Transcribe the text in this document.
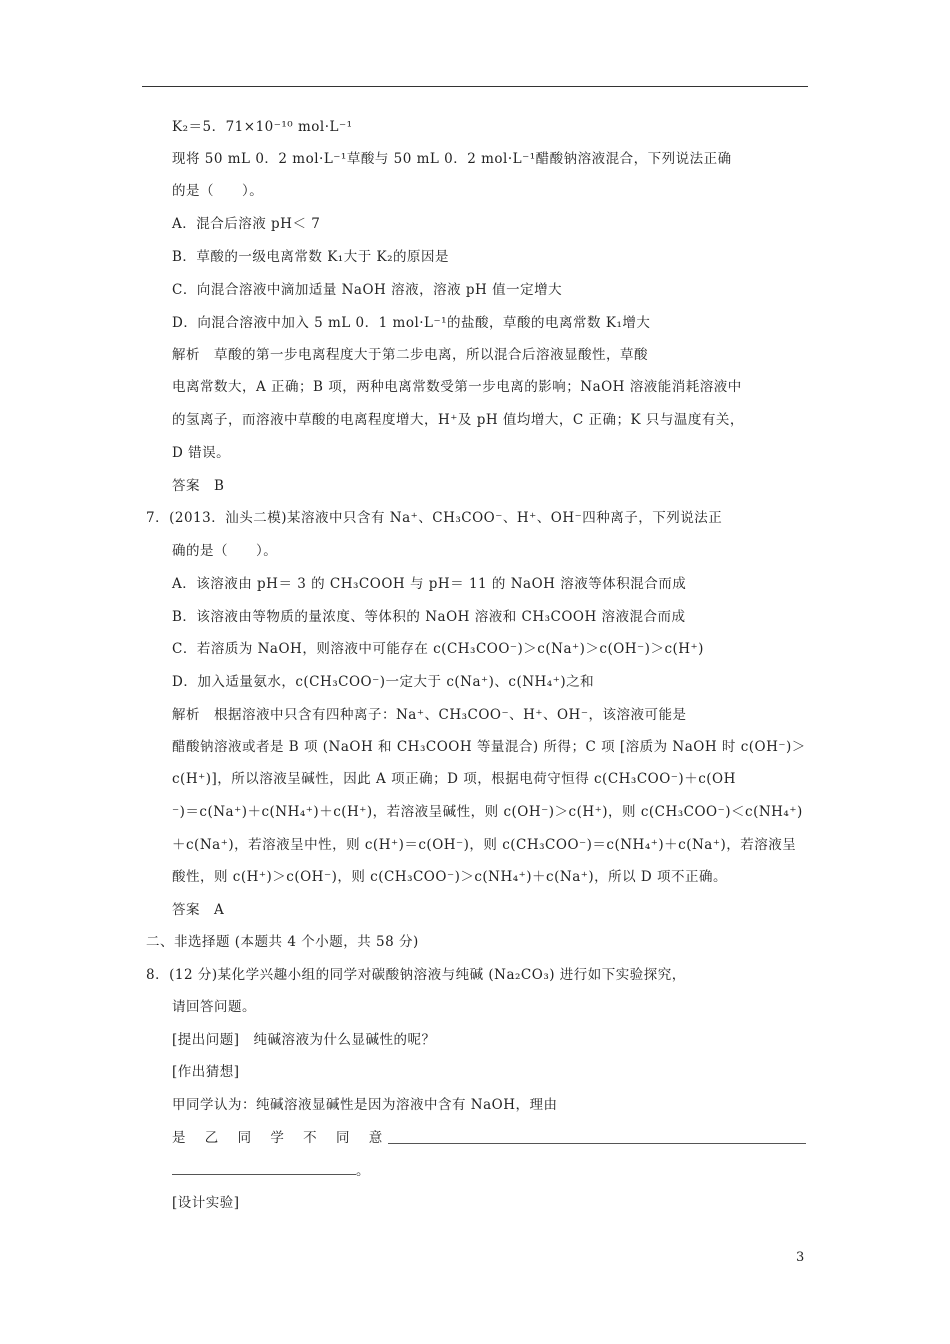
K₂＝5．71×10⁻¹⁰ mol·L⁻¹
现将 50 mL 0．2 mol·L⁻¹草酸与 50 mL 0．2 mol·L⁻¹醋酸钠溶液混合，下列说法正确
的是（　　）。
A．混合后溶液 pH＜ 7
B．草酸的一级电离常数 K₁大于 K₂的原因是
C．向混合溶液中滴加适量 NaOH 溶液，溶液 pH 值一定增大
D．向混合溶液中加入 5 mL 0．1 mol·L⁻¹的盐酸，草酸的电离常数 K₁增大
解析　草酸的第一步电离程度大于第二步电离，所以混合后溶液显酸性，草酸
电离常数大，A 正确；B 项，两种电离常数受第一步电离的影响；NaOH 溶液能消耗溶液中
的氢离子，而溶液中草酸的电离程度增大，H⁺及 pH 值均增大，C 正确；K 只与温度有关，
D 错误。
答案　B
7．(2013．汕头二模)某溶液中只含有 Na⁺、CH₃COO⁻、H⁺、OH⁻四种离子，下列说法正
确的是（　　）。
A．该溶液由 pH＝ 3 的 CH₃COOH 与 pH＝ 11 的 NaOH 溶液等体积混合而成
B．该溶液由等物质的量浓度、等体积的 NaOH 溶液和 CH₃COOH 溶液混合而成
C．若溶质为 NaOH，则溶液中可能存在 c(CH₃COO⁻)＞c(Na⁺)＞c(OH⁻)＞c(H⁺)
D．加入适量氨水，c(CH₃COO⁻)一定大于 c(Na⁺)、c(NH₄⁺)之和
解析　根据溶液中只含有四种离子：Na⁺、CH₃COO⁻、H⁺、OH⁻，该溶液可能是
醋酸钠溶液或者是 B 项 (NaOH 和 CH₃COOH 等量混合) 所得；C 项 [溶质为 NaOH 时 c(OH⁻)＞
c(H⁺)]，所以溶液呈碱性，因此 A 项正确；D 项，根据电荷守恒得 c(CH₃COO⁻)＋c(OH
⁻)＝c(Na⁺)＋c(NH₄⁺)＋c(H⁺)，若溶液呈碱性，则 c(OH⁻)＞c(H⁺)，则 c(CH₃COO⁻)＜c(NH₄⁺)
＋c(Na⁺)，若溶液呈中性，则 c(H⁺)＝c(OH⁻)，则 c(CH₃COO⁻)＝c(NH₄⁺)＋c(Na⁺)，若溶液呈
酸性，则 c(H⁺)＞c(OH⁻)，则 c(CH₃COO⁻)＞c(NH₄⁺)＋c(Na⁺)，所以 D 项不正确。
答案　A
二、非选择题 (本题共 4 个小题，共 58 分)
8．(12 分)某化学兴趣小组的同学对碳酸钠溶液与纯碱 (Na₂CO₃) 进行如下实验探究，
请回答问题。
[提出问题]　纯碱溶液为什么显碱性的呢？
[作出猜想]
甲同学认为：纯碱溶液显碱性是因为溶液中含有 NaOH，理由
是 　乙 　同 　学 　不 　同 　意
。
[设计实验]
3
